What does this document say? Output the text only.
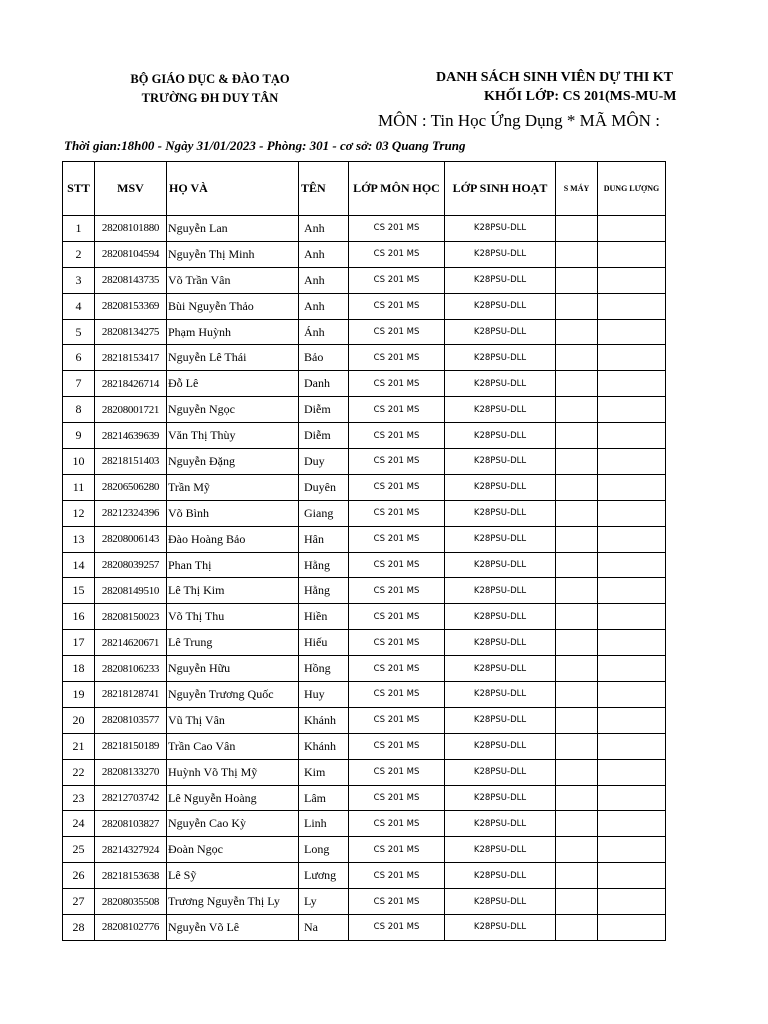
BỘ GIÁO DỤC & ĐÀO TẠO
TRƯỜNG ĐH DUY TÂN
DANH SÁCH SINH VIÊN DỰ THI KT
KHỐI LỚP: CS 201(MS-MU-M
MÔN : Tin Học Ứng Dụng * MÃ MÔN :
Thời gian:18h00 - Ngày 31/01/2023 - Phòng: 301 - cơ sở: 03 Quang Trung
STT	MSV	HỌ VÀ	TÊN	LỚP MÔN HỌC	LỚP SINH HOẠT	S MÁY	DUNG LƯỢNG
1	28208101880	Nguyễn Lan	Anh	CS 201 MS	K28PSU-DLL		
2	28208104594	Nguyễn Thị Minh	Anh	CS 201 MS	K28PSU-DLL		
3	28208143735	Võ Trần Vân	Anh	CS 201 MS	K28PSU-DLL		
4	28208153369	Bùi Nguyễn Thảo	Anh	CS 201 MS	K28PSU-DLL		
5	28208134275	Phạm Huỳnh	Ánh	CS 201 MS	K28PSU-DLL		
6	28218153417	Nguyễn Lê Thái	Bảo	CS 201 MS	K28PSU-DLL		
7	28218426714	Đỗ Lê	Danh	CS 201 MS	K28PSU-DLL		
8	28208001721	Nguyễn Ngọc	Diễm	CS 201 MS	K28PSU-DLL		
9	28214639639	Văn Thị Thùy	Diễm	CS 201 MS	K28PSU-DLL		
10	28218151403	Nguyễn Đặng	Duy	CS 201 MS	K28PSU-DLL		
11	28206506280	Trần Mỹ	Duyên	CS 201 MS	K28PSU-DLL		
12	28212324396	Võ Bình	Giang	CS 201 MS	K28PSU-DLL		
13	28208006143	Đào Hoàng Bảo	Hân	CS 201 MS	K28PSU-DLL		
14	28208039257	Phan Thị	Hằng	CS 201 MS	K28PSU-DLL		
15	28208149510	Lê Thị Kim	Hằng	CS 201 MS	K28PSU-DLL		
16	28208150023	Võ Thị Thu	Hiền	CS 201 MS	K28PSU-DLL		
17	28214620671	Lê Trung	Hiếu	CS 201 MS	K28PSU-DLL		
18	28208106233	Nguyễn Hữu	Hồng	CS 201 MS	K28PSU-DLL		
19	28218128741	Nguyễn Trương Quốc	Huy	CS 201 MS	K28PSU-DLL		
20	28208103577	Vũ Thị Vân	Khánh	CS 201 MS	K28PSU-DLL		
21	28218150189	Trần Cao Vân	Khánh	CS 201 MS	K28PSU-DLL		
22	28208133270	Huỳnh Võ Thị Mỹ	Kim	CS 201 MS	K28PSU-DLL		
23	28212703742	Lê Nguyễn Hoàng	Lâm	CS 201 MS	K28PSU-DLL		
24	28208103827	Nguyễn Cao Kỳ	Linh	CS 201 MS	K28PSU-DLL		
25	28214327924	Đoàn Ngọc	Long	CS 201 MS	K28PSU-DLL		
26	28218153638	Lê Sỹ	Lương	CS 201 MS	K28PSU-DLL		
27	28208035508	Trương Nguyễn Thị Ly	Ly	CS 201 MS	K28PSU-DLL		
28	28208102776	Nguyễn Võ Lê	Na	CS 201 MS	K28PSU-DLL		
